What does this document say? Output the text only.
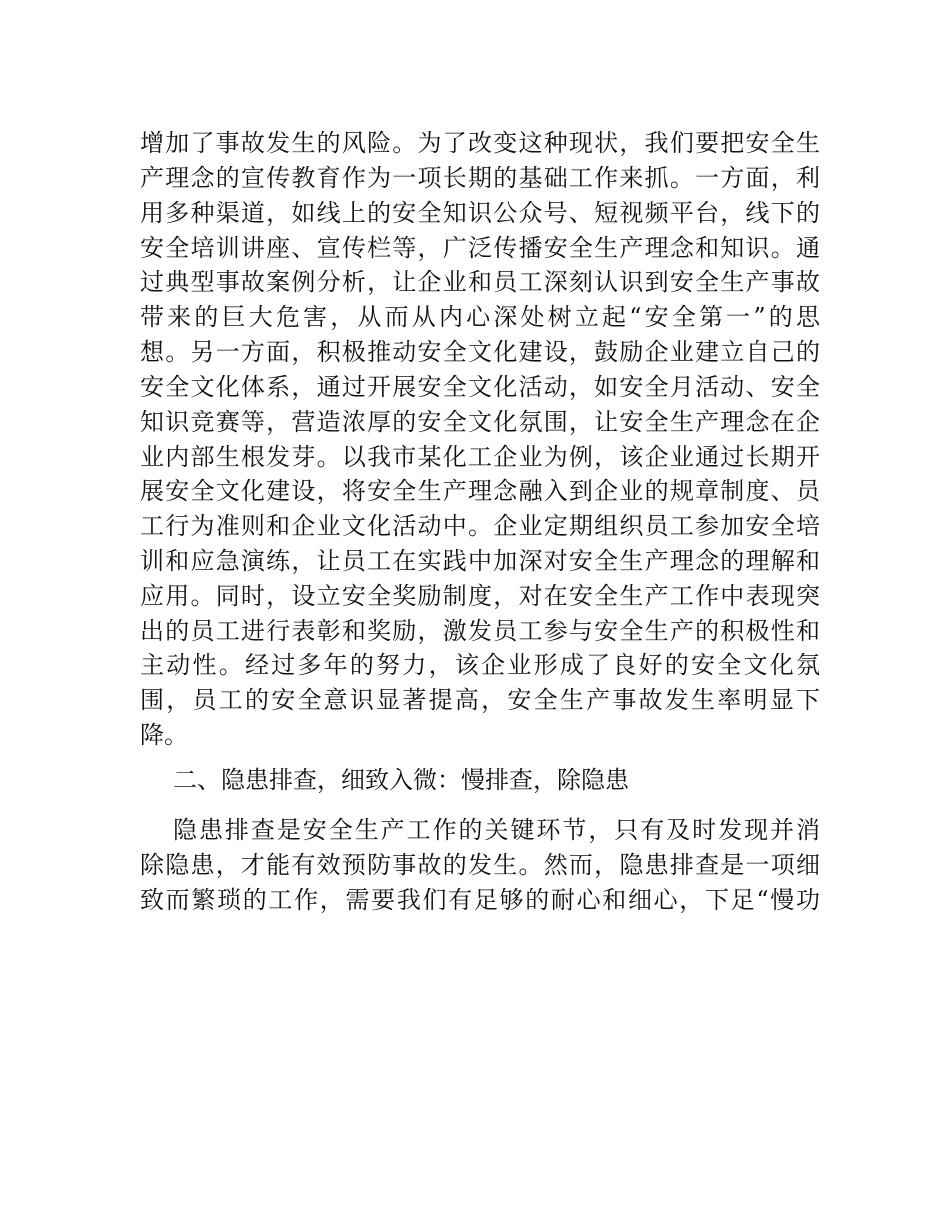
增加了事故发生的风险。为了改变这种现状，我们要把安全生
产理念的宣传教育作为一项长期的基础工作来抓。一方面，利
用多种渠道，如线上的安全知识公众号、短视频平台，线下的
安全培训讲座、宣传栏等，广泛传播安全生产理念和知识。通
过典型事故案例分析，让企业和员工深刻认识到安全生产事故
带来的巨大危害，从而从内心深处树立起“安全第一”的思
想。另一方面，积极推动安全文化建设，鼓励企业建立自己的
安全文化体系，通过开展安全文化活动，如安全月活动、安全
知识竞赛等，营造浓厚的安全文化氛围，让安全生产理念在企
业内部生根发芽。以我市某化工企业为例，该企业通过长期开
展安全文化建设，将安全生产理念融入到企业的规章制度、员
工行为准则和企业文化活动中。企业定期组织员工参加安全培
训和应急演练，让员工在实践中加深对安全生产理念的理解和
应用。同时，设立安全奖励制度，对在安全生产工作中表现突
出的员工进行表彰和奖励，激发员工参与安全生产的积极性和
主动性。经过多年的努力，该企业形成了良好的安全文化氛
围，员工的安全意识显著提高，安全生产事故发生率明显下
降。
二、隐患排查，细致入微：慢排查，除隐患
隐患排查是安全生产工作的关键环节，只有及时发现并消
除隐患，才能有效预防事故的发生。然而，隐患排查是一项细
致而繁琐的工作，需要我们有足够的耐心和细心，下足“慢功
